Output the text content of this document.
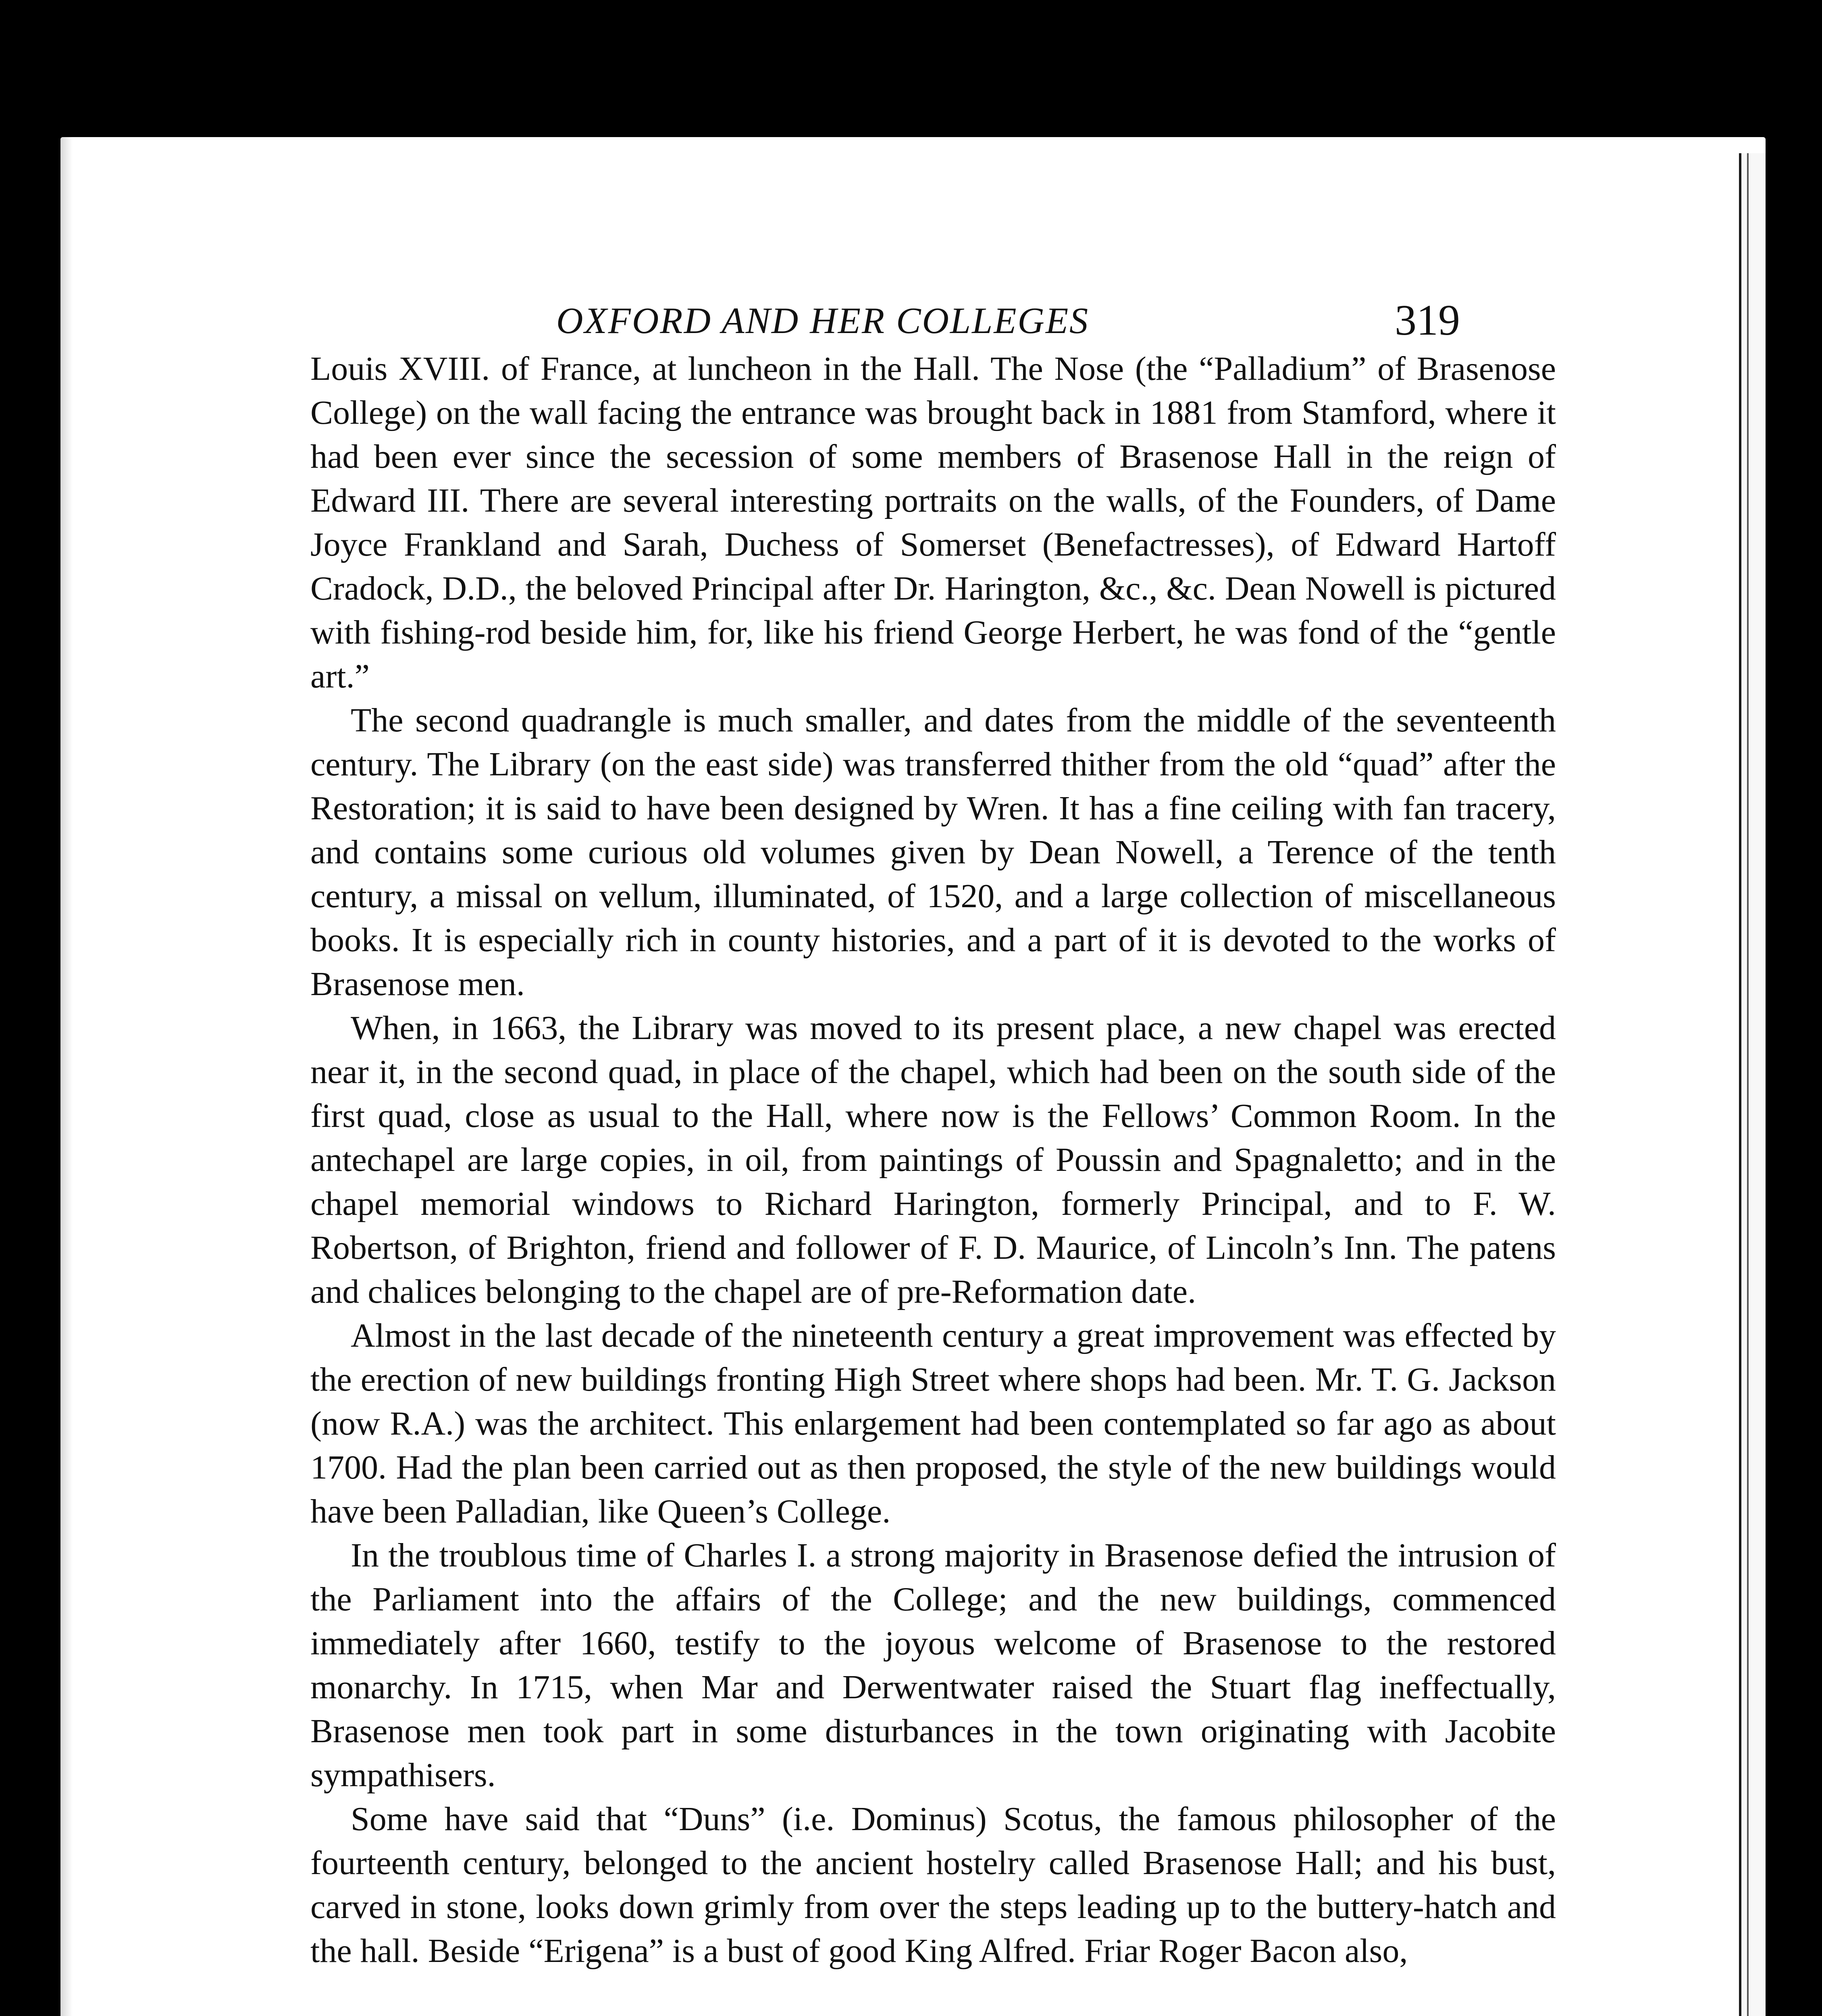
OXFORD AND HER COLLEGES	319

Louis XVIII. of France, at luncheon in the Hall. The Nose (the “Palladium” of Brasenose College) on the wall facing the entrance was brought back in 1881 from Stamford, where it had been ever since the secession of some members of Brasenose Hall in the reign of Edward III. There are several interesting portraits on the walls, of the Founders, of Dame Joyce Frankland and Sarah, Duchess of Somerset (Benefactresses), of Edward Hartoff Cradock, D.D., the beloved Principal after Dr. Harington, &c., &c. Dean Nowell is pictured with fishing-rod beside him, for, like his friend George Herbert, he was fond of the “gentle art.”

The second quadrangle is much smaller, and dates from the middle of the seventeenth century. The Library (on the east side) was transferred thither from the old “quad” after the Restoration; it is said to have been designed by Wren. It has a fine ceiling with fan tracery, and contains some curious old volumes given by Dean Nowell, a Terence of the tenth century, a missal on vellum, illuminated, of 1520, and a large collection of miscellaneous books. It is especially rich in county histories, and a part of it is devoted to the works of Brasenose men.

When, in 1663, the Library was moved to its present place, a new chapel was erected near it, in the second quad, in place of the chapel, which had been on the south side of the first quad, close as usual to the Hall, where now is the Fellows’ Common Room. In the antechapel are large copies, in oil, from paintings of Poussin and Spagnaletto; and in the chapel memorial windows to Richard Harington, formerly Principal, and to F. W. Robertson, of Brighton, friend and follower of F. D. Maurice, of Lincoln’s Inn. The patens and chalices belonging to the chapel are of pre-Reformation date.

Almost in the last decade of the nineteenth century a great improvement was effected by the erection of new buildings fronting High Street where shops had been. Mr. T. G. Jackson (now R.A.) was the architect. This enlargement had been contemplated so far ago as about 1700. Had the plan been carried out as then proposed, the style of the new buildings would have been Palladian, like Queen’s College.

In the troublous time of Charles I. a strong majority in Brasenose defied the intrusion of the Parliament into the affairs of the College; and the new buildings, commenced immediately after 1660, testify to the joyous welcome of Brasenose to the restored monarchy. In 1715, when Mar and Derwentwater raised the Stuart flag ineffectually, Brasenose men took part in some disturbances in the town originating with Jacobite sympathisers.

Some have said that “Duns” (i.e. Dominus) Scotus, the famous philosopher of the fourteenth century, belonged to the ancient hostelry called Brasenose Hall; and his bust, carved in stone, looks down grimly from over the steps leading up to the buttery-hatch and the hall. Beside “Erigena” is a bust of good King Alfred. Friar Roger Bacon also,
